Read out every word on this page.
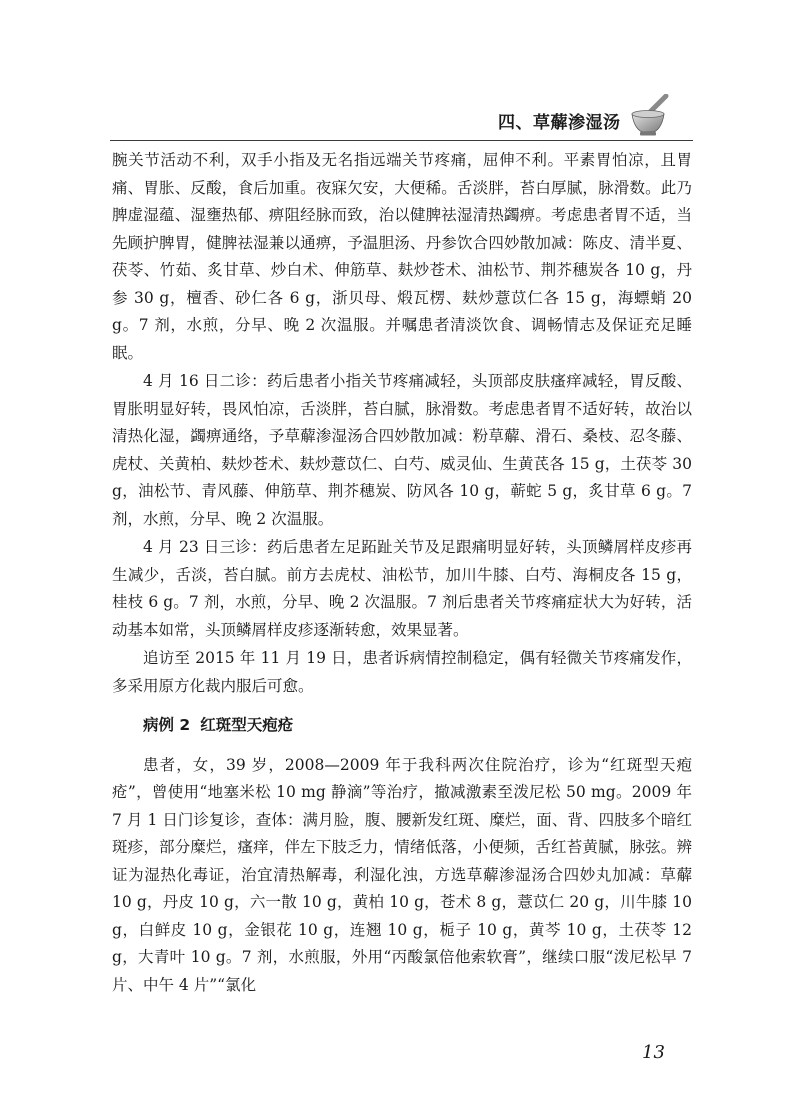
四、草薢渗湿汤

腕关节活动不利，双手小指及无名指远端关节疼痛，屈伸不利。平素胃怕凉，且胃痛、胃胀、反酸，食后加重。夜寐欠安，大便稀。舌淡胖，苔白厚腻，脉滑数。此乃脾虚湿蕴、湿壅热郁、痹阻经脉而致，治以健脾祛湿清热蠲痹。考虑患者胃不适，当先顾护脾胃，健脾祛湿兼以通痹，予温胆汤、丹参饮合四妙散加减：陈皮、清半夏、茯苓、竹茹、炙甘草、炒白术、伸筋草、麸炒苍术、油松节、荆芥穗炭各 10 g，丹参 30 g，檀香、砂仁各 6 g，浙贝母、煅瓦楞、麸炒薏苡仁各 15 g，海螵蛸 20 g。7 剂，水煎，分早、晚 2 次温服。并嘱患者清淡饮食、调畅情志及保证充足睡眠。

4 月 16 日二诊：药后患者小指关节疼痛减轻，头顶部皮肤瘙痒减轻，胃反酸、胃胀明显好转，畏风怕凉，舌淡胖，苔白腻，脉滑数。考虑患者胃不适好转，故治以清热化湿，蠲痹通络，予草薢渗湿汤合四妙散加减：粉草薢、滑石、桑枝、忍冬藤、虎杖、关黄柏、麸炒苍术、麸炒薏苡仁、白芍、威灵仙、生黄芪各 15 g，土茯苓 30 g，油松节、青风藤、伸筋草、荆芥穗炭、防风各 10 g，蕲蛇 5 g，炙甘草 6 g。7 剂，水煎，分早、晚 2 次温服。

4 月 23 日三诊：药后患者左足跖趾关节及足跟痛明显好转，头顶鳞屑样皮疹再生减少，舌淡，苔白腻。前方去虎杖、油松节，加川牛膝、白芍、海桐皮各 15 g，桂枝 6 g。7 剂，水煎，分早、晚 2 次温服。7 剂后患者关节疼痛症状大为好转，活动基本如常，头顶鳞屑样皮疹逐渐转愈，效果显著。

追访至 2015 年 11 月 19 日，患者诉病情控制稳定，偶有轻微关节疼痛发作，多采用原方化裁内服后可愈。

病例 2 红斑型天疱疮

患者，女，39 岁，2008—2009 年于我科两次住院治疗，诊为“红斑型天疱疮”，曾使用“地塞米松 10 mg 静滴”等治疗，撤减激素至泼尼松 50 mg。2009 年 7 月 1 日门诊复诊，查体：满月脸，腹、腰新发红斑、糜烂，面、背、四肢多个暗红斑疹，部分糜烂，瘙痒，伴左下肢乏力，情绪低落，小便频，舌红苔黄腻，脉弦。辨证为湿热化毒证，治宜清热解毒，利湿化浊，方选草薢渗湿汤合四妙丸加减：草薢 10 g，丹皮 10 g，六一散 10 g，黄柏 10 g，苍术 8 g，薏苡仁 20 g，川牛膝 10 g，白鲜皮 10 g，金银花 10 g，连翘 10 g，栀子 10 g，黄芩 10 g，土茯苓 12 g，大青叶 10 g。7 剂，水煎服，外用“丙酸氯倍他索软膏”，继续口服“泼尼松早 7 片、中午 4 片”“氯化

13
